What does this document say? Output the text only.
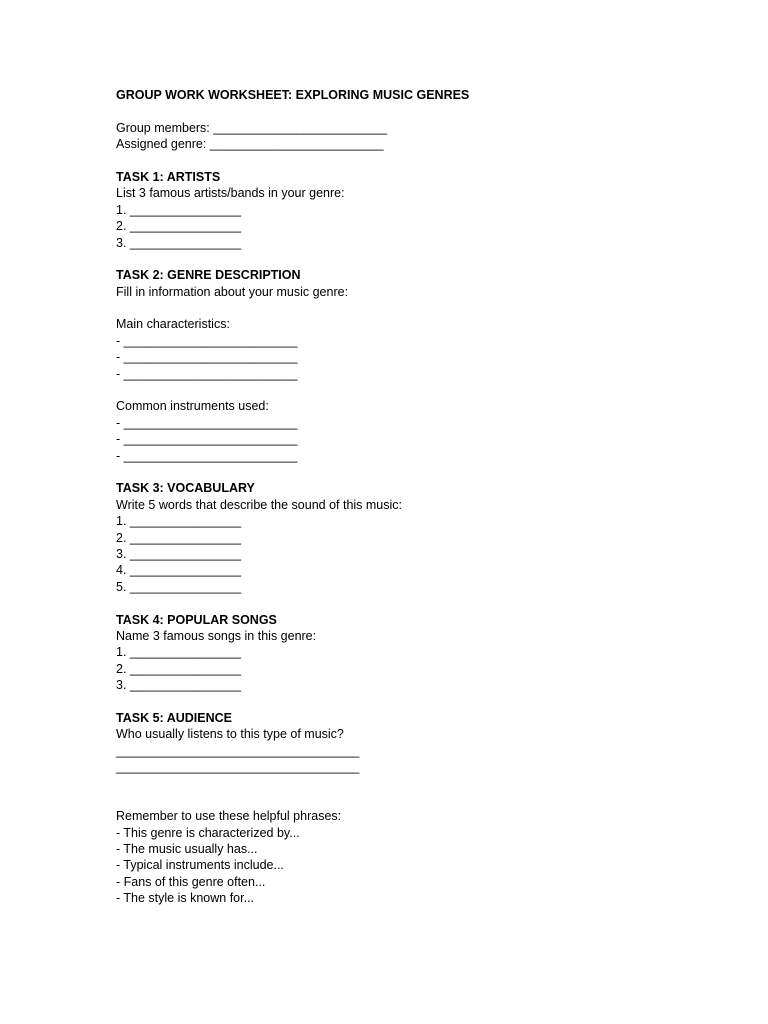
GROUP WORK WORKSHEET: EXPLORING MUSIC GENRES
Group members: _________________________
Assigned genre: _________________________
TASK 1: ARTISTS
List 3 famous artists/bands in your genre:
1. ________________
2. ________________
3. ________________
TASK 2: GENRE DESCRIPTION
Fill in information about your music genre:
Main characteristics:
- _________________________
- _________________________
- _________________________
Common instruments used:
- _________________________
- _________________________
- _________________________
TASK 3: VOCABULARY
Write 5 words that describe the sound of this music:
1. ________________
2. ________________
3. ________________
4. ________________
5. ________________
TASK 4: POPULAR SONGS
Name 3 famous songs in this genre:
1. ________________
2. ________________
3. ________________
TASK 5: AUDIENCE
Who usually listens to this type of music?
___________________________________
___________________________________
Remember to use these helpful phrases:
- This genre is characterized by...
- The music usually has...
- Typical instruments include...
- Fans of this genre often...
- The style is known for...
